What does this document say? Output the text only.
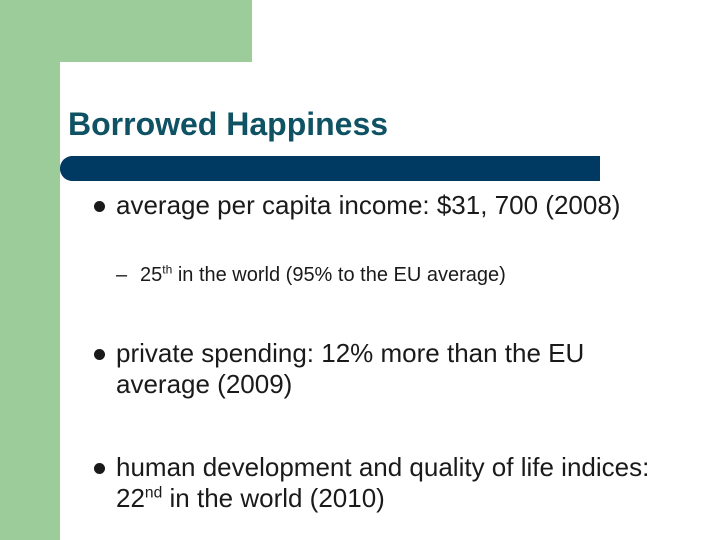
Borrowed Happiness
average per capita income: $31, 700 (2008)
– 25th in the world (95% to the EU average)
private spending: 12% more than the EU average (2009)
human development and quality of life indices: 22nd in the world (2010)
